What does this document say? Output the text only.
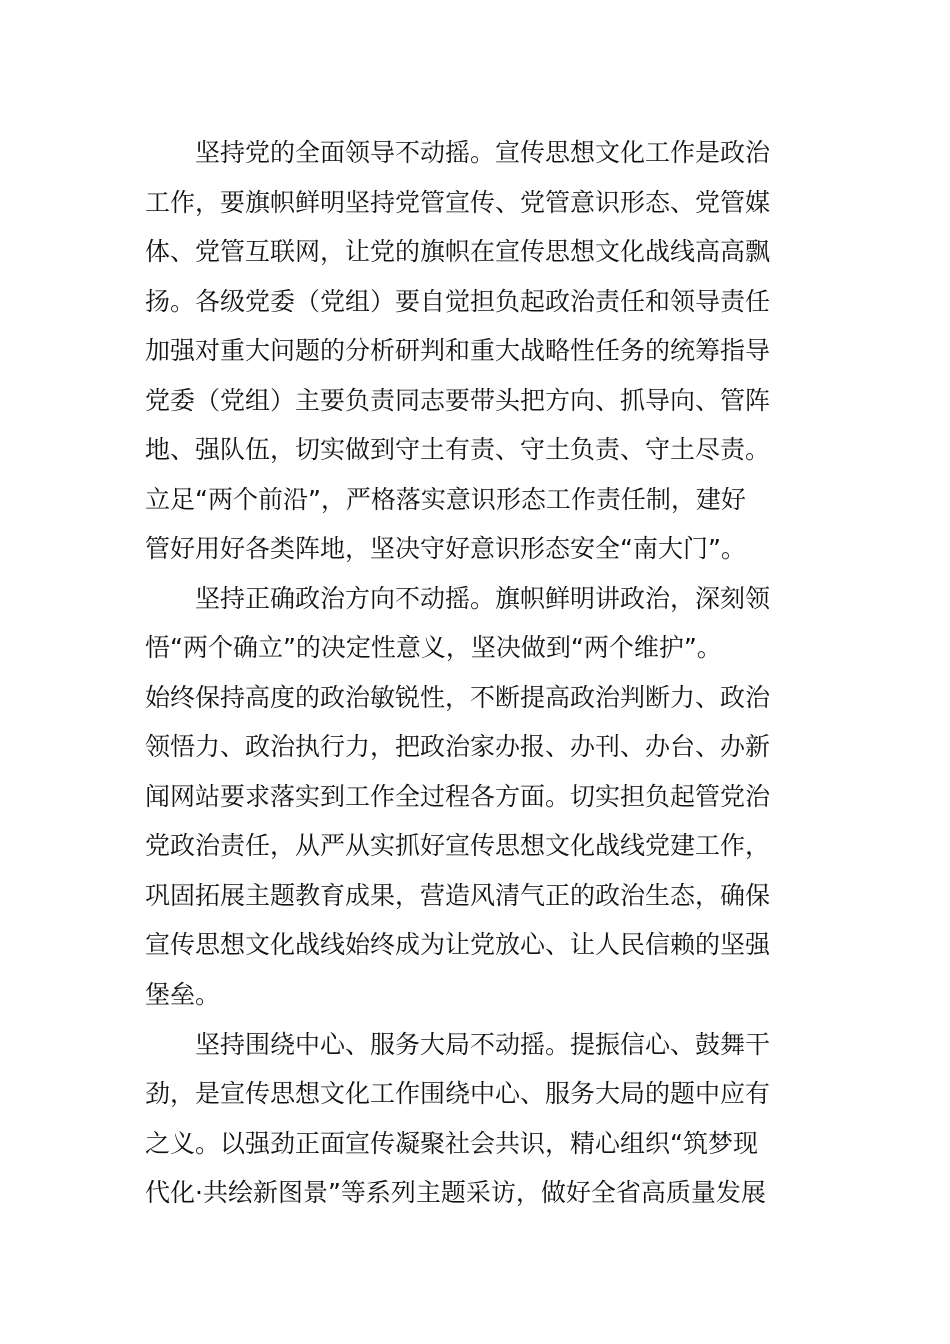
坚持党的全面领导不动摇。宣传思想文化工作是政治

工作，要旗帜鲜明坚持党管宣传、党管意识形态、党管媒

体、党管互联网，让党的旗帜在宣传思想文化战线高高飘

扬。各级党委（党组）要自觉担负起政治责任和领导责任

加强对重大问题的分析研判和重大战略性任务的统筹指导

党委（党组）主要负责同志要带头把方向、抓导向、管阵

地、强队伍，切实做到守土有责、守土负责、守土尽责。

立足“两个前沿”，严格落实意识形态工作责任制，建好

管好用好各类阵地，坚决守好意识形态安全“南大门”。

坚持正确政治方向不动摇。旗帜鲜明讲政治，深刻领

悟“两个确立”的决定性意义，坚决做到“两个维护”。

始终保持高度的政治敏锐性，不断提高政治判断力、政治

领悟力、政治执行力，把政治家办报、办刊、办台、办新

闻网站要求落实到工作全过程各方面。切实担负起管党治

党政治责任，从严从实抓好宣传思想文化战线党建工作，

巩固拓展主题教育成果，营造风清气正的政治生态，确保

宣传思想文化战线始终成为让党放心、让人民信赖的坚强

堡垒。

坚持围绕中心、服务大局不动摇。提振信心、鼓舞干

劲，是宣传思想文化工作围绕中心、服务大局的题中应有

之义。以强劲正面宣传凝聚社会共识，精心组织“筑梦现

代化·共绘新图景”等系列主题采访，做好全省高质量发展
